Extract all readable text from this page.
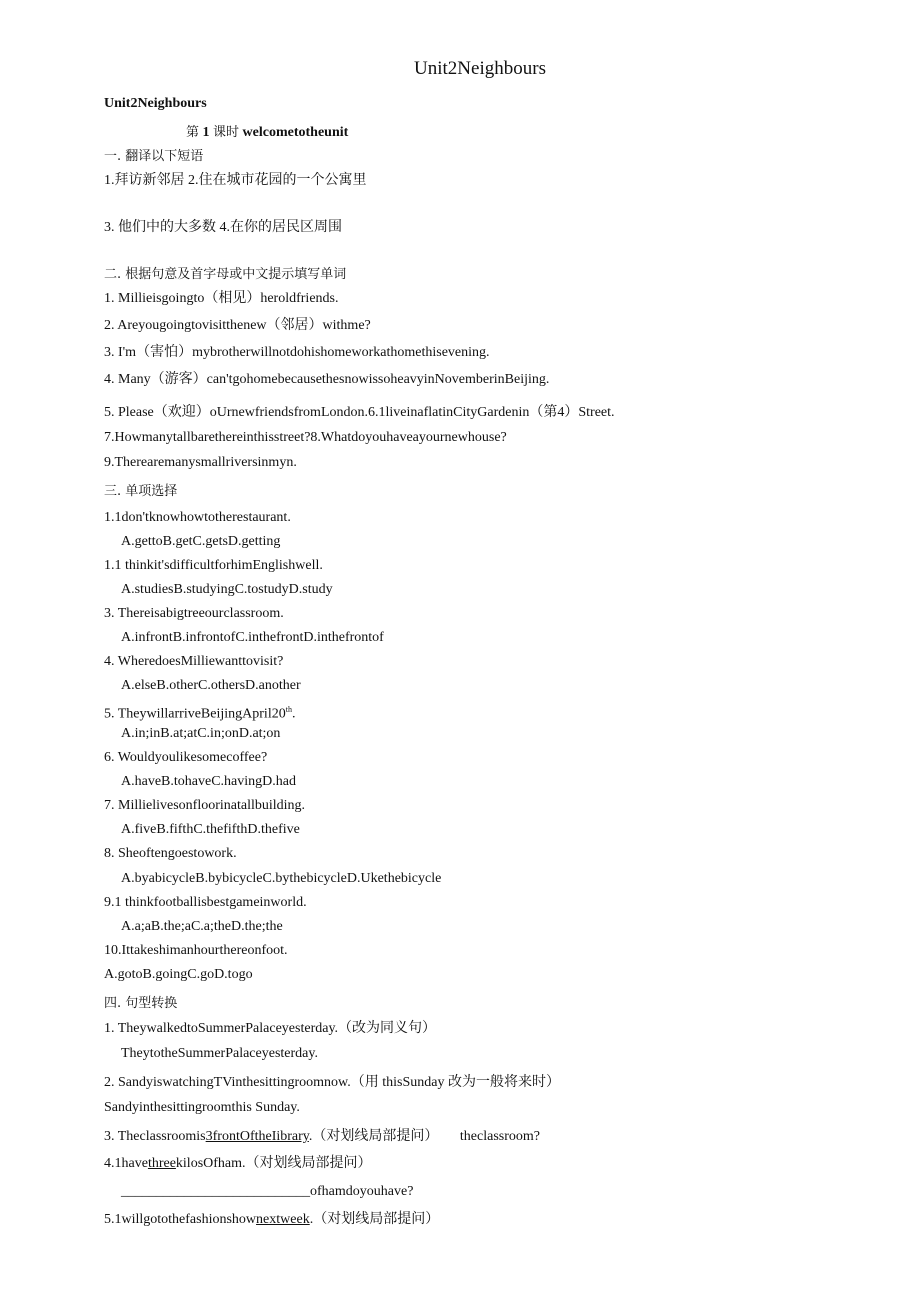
Unit2Neighbours
Unit2Neighbours
第 1 课时 welcometotheunit
一. 翻译以下短语
1.拜访新邻居 2.住在城市花园的一个公寓里
3. 他们中的大多数 4.在你的居民区周围
二. 根据句意及首字母或中文提示填写单词
1. Millieisgoingto（相见）heroldfriends.
2. Areyougoingtovisitthenew（邻居）withme?
3. I'm（害怕）mybrotherwillnotdohishomeworkathomethisevening.
4. Many（游客）can'tgohomebecausethesnowissoheavyinNovemberinBeijing.
5. Please（欢迎）oUrnewfriendsfromLondon.6.1liveinaflatinCityGardenin（第4）Street.
7.Howmanytallbarethereinthisstreet?8.Whatdoyouhaveayournewhouse?
9.Therearemanysmallriversinmyn.
三. 单项选择
1.1don'tknowhowtotherestaurant.
A.gettoB.getC.getsD.getting
1.1 thinkit'sdifficultforhimEnglishwell.
A.studiesB.studyingC.tostudyD.study
3. Thereisabigtreeourclassroom.
A.infrontB.infrontofC.inthefrontD.inthefrontof
4. WheredoesMilliewanttovisit?
A.elseB.otherC.othersD.another
5. TheywillarriveBeijingApril20th.
A.in;inB.at;atC.in;onD.at;on
6. Wouldyoulikesomecoffee?
A.haveB.tohaveC.havingD.had
7. Millielivesonfloorinatallbuilding.
A.fiveB.fifthC.thefifthD.thefive
8. Sheoftengoestowork.
A.byabicycleB.bybicycleC.bythebicycleD.Ukethebicycle
9.1 thinkfootballisbestgameinworld.
A.a;aB.the;aC.a;theD.the;the
10.Ittakeshimanhourthereonfoot.
A.gotoB.goingC.goD.togo
四. 句型转换
1. TheywalkedtoSummerPalaceyesterday.（改为同义句）
TheytotheSummerPalaceyesterday.
2. SandyiswatchingTVinthesittingroomnow.（用 thisSunday 改为一般将来时）
Sandyinthesittingroomthis Sunday.
3. Theclassroomis3frontOftheIibrary.（对划线局部提问） theclassroom?
4.1havethreekilosOfham.（对划线局部提问）
___________________________ofhamdoyouhave?
5.1willgotothefashionshownextweek.（对划线局部提问）
